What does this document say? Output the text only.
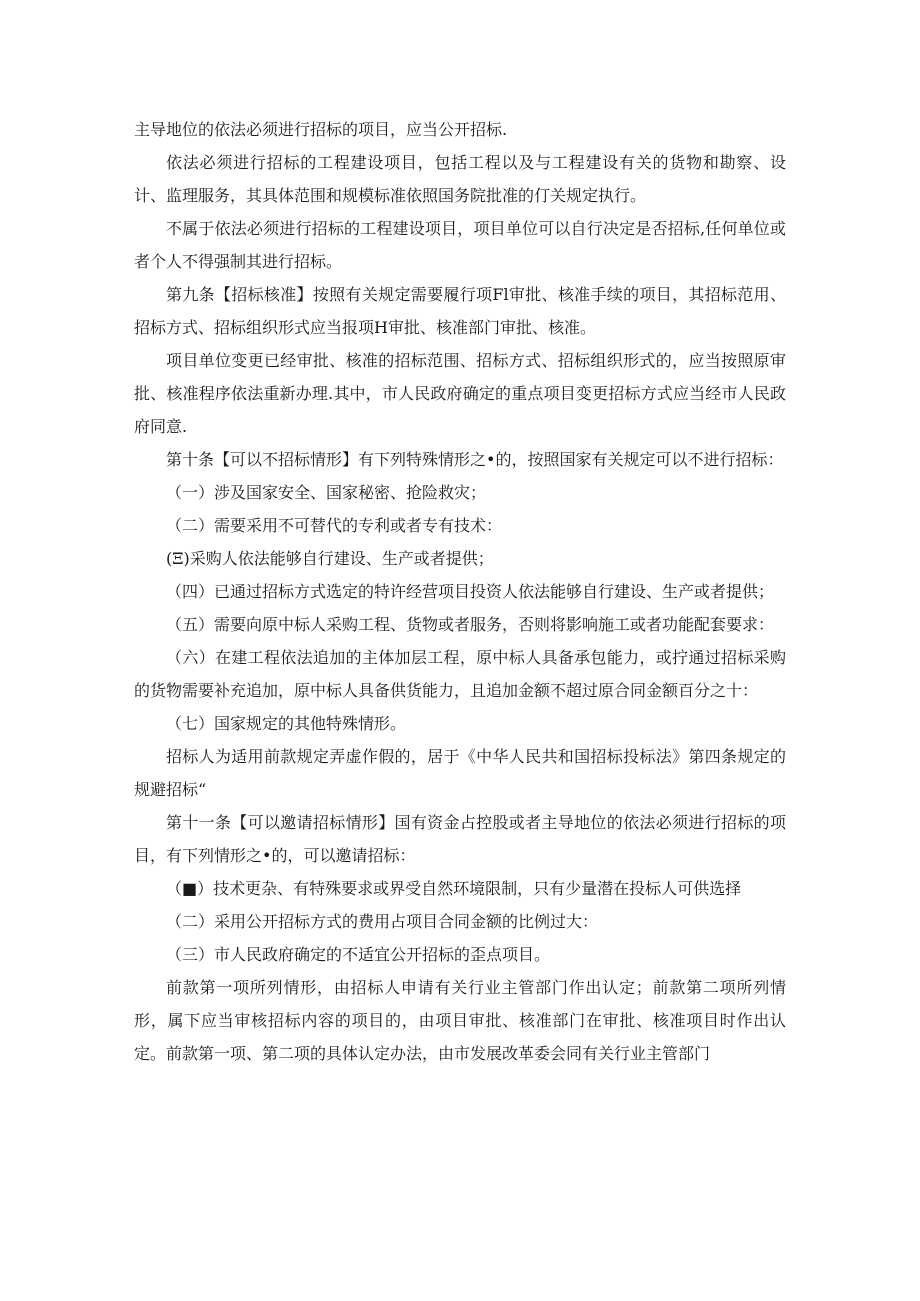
主导地位的依法必须进行招标的项目，应当公开招标.

依法必须进行招标的工程建设项目，包括工程以及与工程建设有关的货物和勘察、设计、监理服务，其具体范围和规模标准依照国务院批准的仃关规定执行。

不属于依法必须进行招标的工程建设项目，项目单位可以自行决定是否招标,任何单位或者个人不得强制其进行招标。

第九条【招标核准】按照有关规定需要履行项Fl审批、核准手续的项目，其招标范用、招标方式、招标组织形式应当报项H审批、核准部门审批、核准。

项目单位变更已经审批、核准的招标范围、招标方式、招标组织形式的，应当按照原审批、核准程序依法重新办理.其中，市人民政府确定的重点项目变更招标方式应当经市人民政府同意.

第十条【可以不招标情形】有下列特殊情形之•的，按照国家有关规定可以不进行招标：

（一）涉及国家安全、国家秘密、抢险救灾；

（二）需要采用不可替代的专利或者专有技术：

(Ξ)采购人依法能够自行建设、生产或者提供；

（四）已通过招标方式选定的特许经营项目投资人依法能够自行建设、生产或者提供；

（五）需要向原中标人采购工程、货物或者服务，否则将影响施工或者功能配套要求：

（六）在建工程依法追加的主体加层工程，原中标人具备承包能力，或拧通过招标采购的货物需要补充追加，原中标人具备供货能力，且追加金额不超过原合同金额百分之十：

（七）国家规定的其他特殊情形。

招标人为适用前款规定弄虚作假的，居于《中华人民共和国招标投标法》第四条规定的规避招标“

第十一条【可以邀请招标情形】国有资金占控股或者主导地位的依法必须进行招标的项目，有下列情形之•的，可以邀请招标：

（■）技术更杂、有特殊要求或界受自然环境限制，只有少量潜在投标人可供选择

（二）采用公开招标方式的费用占项目合同金额的比例过大：

（三）市人民政府确定的不适宜公开招标的歪点项目。

前款第一项所列情形，由招标人申请有关行业主管部门作出认定；前款第二项所列情形，属下应当审核招标内容的项目的，由项目审批、核准部门在审批、核准项目时作出认定。前款第一项、第二项的具体认定办法，由市发展改革委会同有关行业主管部门
